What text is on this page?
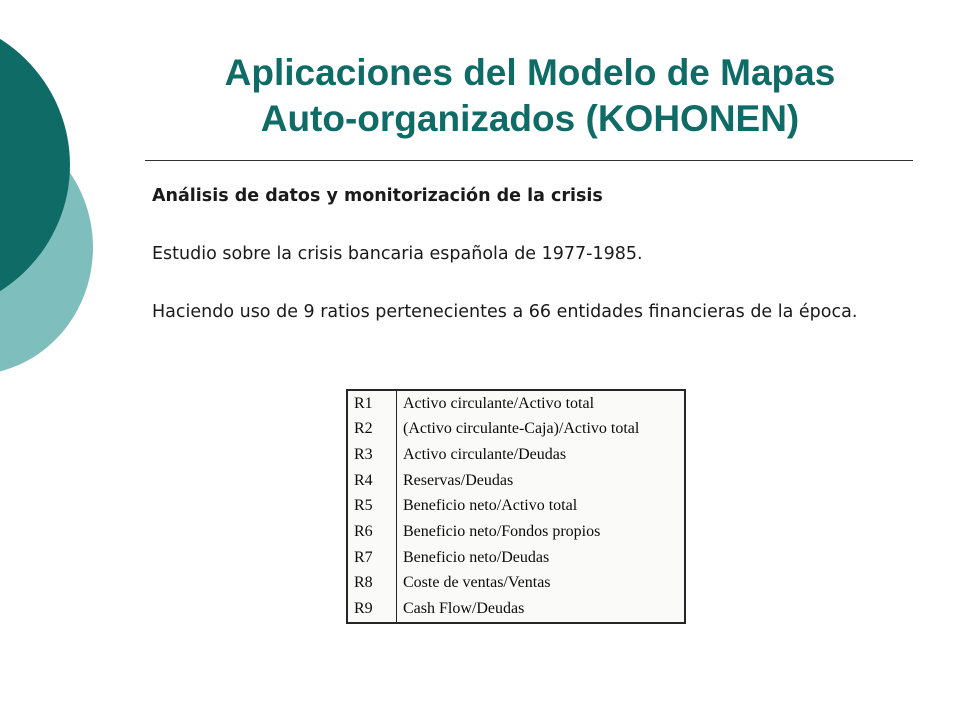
Aplicaciones del Modelo de Mapas
Auto-organizados (KOHONEN)
Análisis de datos y monitorización de la crisis

Estudio sobre la crisis bancaria española de 1977-1985.

Haciendo uso de 9 ratios pertenecientes a 66 entidades financieras de la época.

R1	Activo circulante/Activo total
R2	(Activo circulante-Caja)/Activo total
R3	Activo circulante/Deudas
R4	Reservas/Deudas
R5	Beneficio neto/Activo total
R6	Beneficio neto/Fondos propios
R7	Beneficio neto/Deudas
R8	Coste de ventas/Ventas
R9	Cash Flow/Deudas
